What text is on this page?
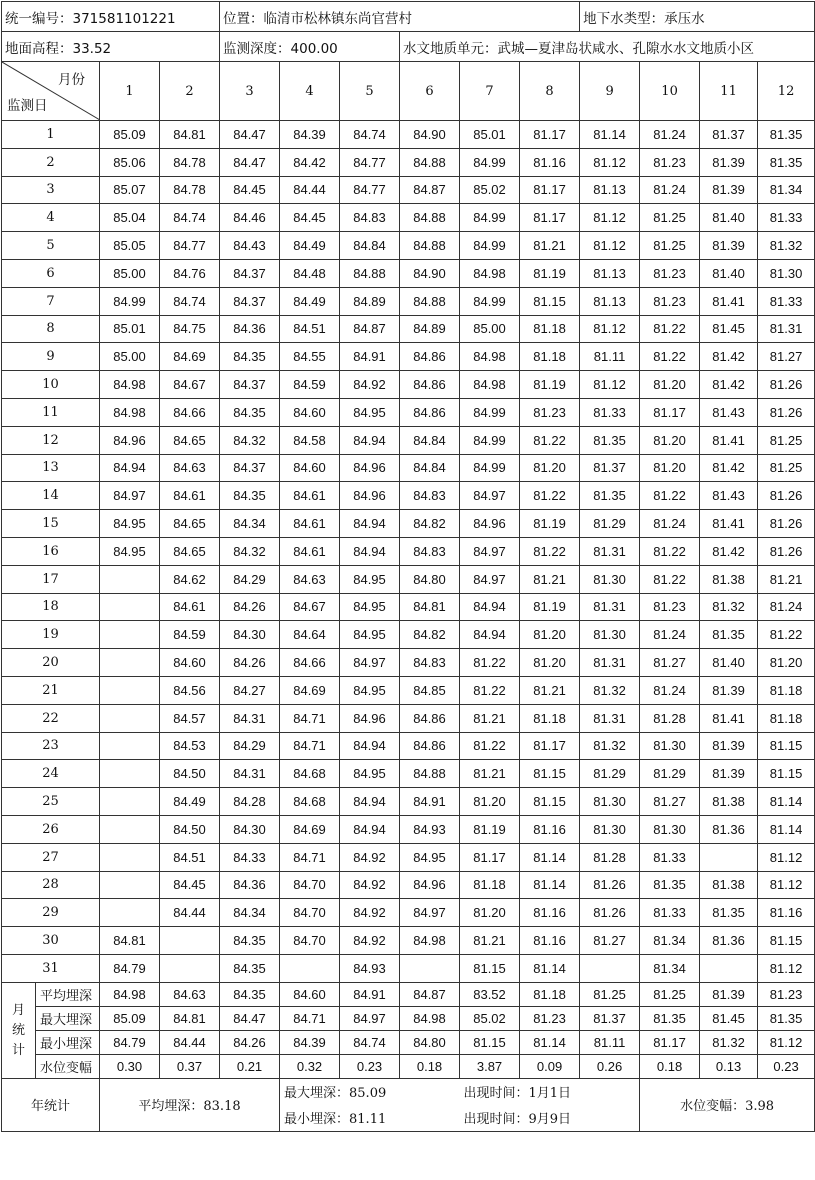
统一编号：371581101221				位置：临清市松林镇东尚官营村						地下水类型：承压水			
地面高程：33.52				监测深度：400.00			水文地质单元：武城—夏津岛状咸水、孔隙水水文地质小区						

月份
监测日		1	2	3	4	5	6	7	8	9	10	11	12
1		85.09	84.81	84.47	84.39	84.74	84.90	85.01	81.17	81.14	81.24	81.37	81.35
2		85.06	84.78	84.47	84.42	84.77	84.88	84.99	81.16	81.12	81.23	81.39	81.35
3		85.07	84.78	84.45	84.44	84.77	84.87	85.02	81.17	81.13	81.24	81.39	81.34
4		85.04	84.74	84.46	84.45	84.83	84.88	84.99	81.17	81.12	81.25	81.40	81.33
5		85.05	84.77	84.43	84.49	84.84	84.88	84.99	81.21	81.12	81.25	81.39	81.32
6		85.00	84.76	84.37	84.48	84.88	84.90	84.98	81.19	81.13	81.23	81.40	81.30
7		84.99	84.74	84.37	84.49	84.89	84.88	84.99	81.15	81.13	81.23	81.41	81.33
8		85.01	84.75	84.36	84.51	84.87	84.89	85.00	81.18	81.12	81.22	81.45	81.31
9		85.00	84.69	84.35	84.55	84.91	84.86	84.98	81.18	81.11	81.22	81.42	81.27
10		84.98	84.67	84.37	84.59	84.92	84.86	84.98	81.19	81.12	81.20	81.42	81.26
11		84.98	84.66	84.35	84.60	84.95	84.86	84.99	81.23	81.33	81.17	81.43	81.26
12		84.96	84.65	84.32	84.58	84.94	84.84	84.99	81.22	81.35	81.20	81.41	81.25
13		84.94	84.63	84.37	84.60	84.96	84.84	84.99	81.20	81.37	81.20	81.42	81.25
14		84.97	84.61	84.35	84.61	84.96	84.83	84.97	81.22	81.35	81.22	81.43	81.26
15		84.95	84.65	84.34	84.61	84.94	84.82	84.96	81.19	81.29	81.24	81.41	81.26
16		84.95	84.65	84.32	84.61	84.94	84.83	84.97	81.22	81.31	81.22	81.42	81.26
17			84.62	84.29	84.63	84.95	84.80	84.97	81.21	81.30	81.22	81.38	81.21
18			84.61	84.26	84.67	84.95	84.81	84.94	81.19	81.31	81.23	81.32	81.24
19			84.59	84.30	84.64	84.95	84.82	84.94	81.20	81.30	81.24	81.35	81.22
20			84.60	84.26	84.66	84.97	84.83	81.22	81.20	81.31	81.27	81.40	81.20
21			84.56	84.27	84.69	84.95	84.85	81.22	81.21	81.32	81.24	81.39	81.18
22			84.57	84.31	84.71	84.96	84.86	81.21	81.18	81.31	81.28	81.41	81.18
23			84.53	84.29	84.71	84.94	84.86	81.22	81.17	81.32	81.30	81.39	81.15
24			84.50	84.31	84.68	84.95	84.88	81.21	81.15	81.29	81.29	81.39	81.15
25			84.49	84.28	84.68	84.94	84.91	81.20	81.15	81.30	81.27	81.38	81.14
26			84.50	84.30	84.69	84.94	84.93	81.19	81.16	81.30	81.30	81.36	81.14
27			84.51	84.33	84.71	84.92	84.95	81.17	81.14	81.28	81.33		81.12
28			84.45	84.36	84.70	84.92	84.96	81.18	81.14	81.26	81.35	81.38	81.12
29			84.44	84.34	84.70	84.92	84.97	81.20	81.16	81.26	81.33	81.35	81.16
30		84.81		84.35	84.70	84.92	84.98	81.21	81.16	81.27	81.34	81.36	81.15
31		84.79		84.35		84.93		81.15	81.14		81.34		81.12

月
统
计	平均埋深	84.98	84.63	84.35	84.60	84.91	84.87	83.52	81.18	81.25	81.25	81.39	81.23
	最大埋深	85.09	84.81	84.47	84.71	84.97	84.98	85.02	81.23	81.37	81.35	81.45	81.35
	最小埋深	84.79	84.44	84.26	84.39	84.74	84.80	81.15	81.14	81.11	81.17	81.32	81.12
	水位变幅	0.30	0.37	0.21	0.32	0.23	0.18	3.87	0.09	0.26	0.18	0.13	0.23
年统计		平均埋深：83.18			最大埋深：85.09			出现时间：1月1日			水位变幅：3.98		
					最小埋深：81.11			出现时间：9月9日					
